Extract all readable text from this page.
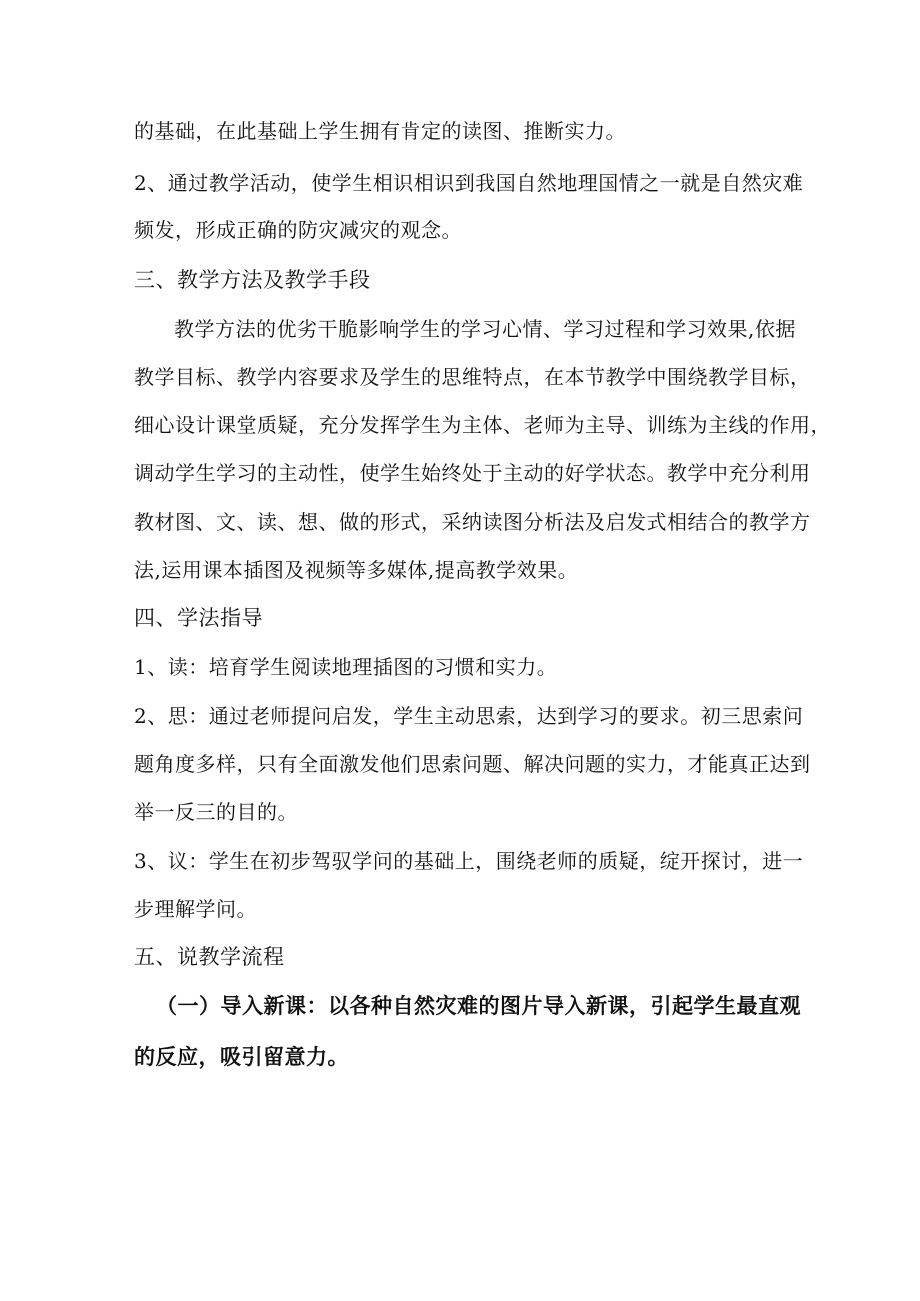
的基础，在此基础上学生拥有肯定的读图、推断实力。
2、通过教学活动，使学生相识相识到我国自然地理国情之一就是自然灾难
频发，形成正确的防灾减灾的观念。
三、教学方法及教学手段
教学方法的优劣干脆影响学生的学习心情、学习过程和学习效果,依据
教学目标、教学内容要求及学生的思维特点，在本节教学中围绕教学目标，
细心设计课堂质疑，充分发挥学生为主体、老师为主导、训练为主线的作用，
调动学生学习的主动性，使学生始终处于主动的好学状态。教学中充分利用
教材图、文、读、想、做的形式，采纳读图分析法及启发式相结合的教学方
法,运用课本插图及视频等多媒体,提高教学效果。
四、学法指导
1、读：培育学生阅读地理插图的习惯和实力。
2、思：通过老师提问启发，学生主动思索，达到学习的要求。初三思索问
题角度多样，只有全面激发他们思索问题、解决问题的实力，才能真正达到
举一反三的目的。
3、议：学生在初步驾驭学问的基础上，围绕老师的质疑，绽开探讨，进一
步理解学问。
五、说教学流程
（一）导入新课：以各种自然灾难的图片导入新课，引起学生最直观
的反应，吸引留意力。
